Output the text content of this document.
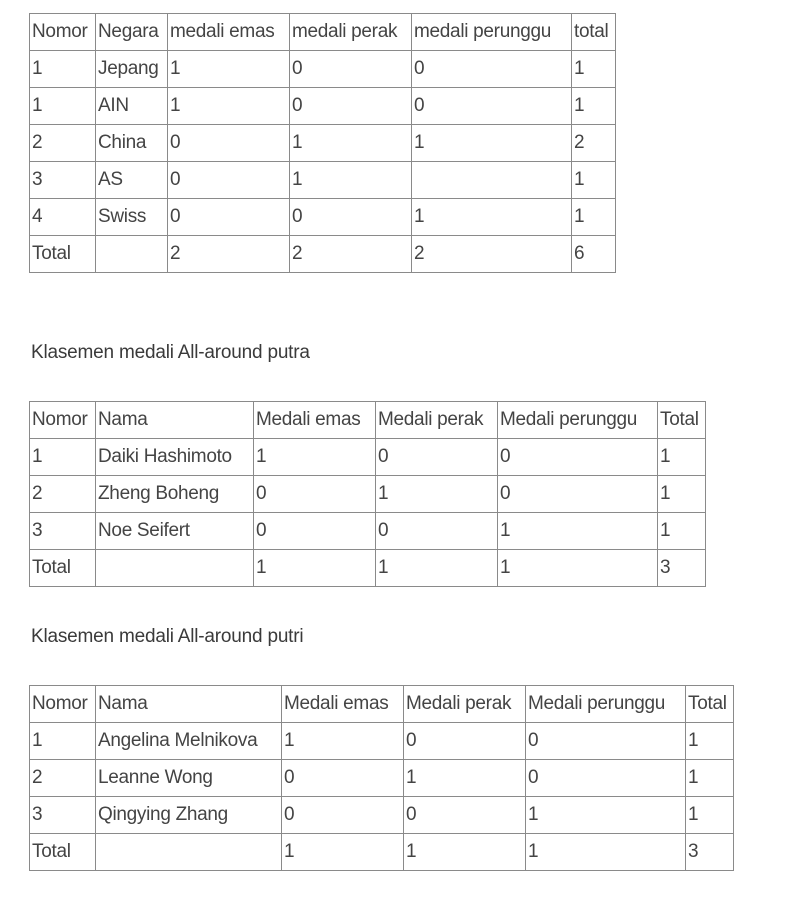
Nomor	Negara	medali emas	medali perak	medali perunggu	total
1	Jepang	1	0	0	1
1	AIN	1	0	0	1
2	China	0	1	1	2
3	AS	0	1		1
4	Swiss	0	0	1	1
Total		2	2	2	6
Klasemen medali All-around putra
Nomor	Nama	Medali emas	Medali perak	Medali perunggu	Total
1	Daiki Hashimoto	1	0	0	1
2	Zheng Boheng	0	1	0	1
3	Noe Seifert	0	0	1	1
Total		1	1	1	3
Klasemen medali All-around putri
Nomor	Nama	Medali emas	Medali perak	Medali perunggu	Total
1	Angelina Melnikova	1	0	0	1
2	Leanne Wong	0	1	0	1
3	Qingying Zhang	0	0	1	1
Total		1	1	1	3
